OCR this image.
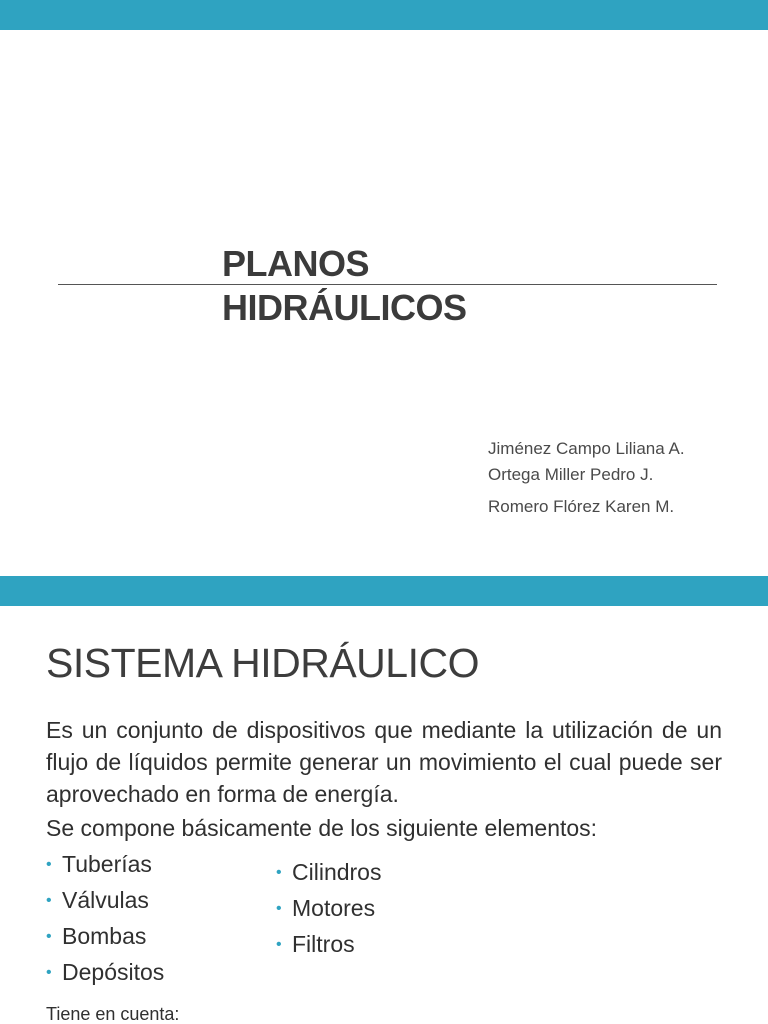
PLANOS
HIDRÁULICOS
Jiménez Campo Liliana A.
Ortega Miller Pedro J.
Romero Flórez Karen M.
SISTEMA HIDRÁULICO
Es un conjunto de dispositivos que mediante la utilización de un flujo de líquidos permite generar un movimiento el cual puede ser aprovechado en forma de energía.
Se compone básicamente de los siguiente elementos:
• Tuberías
• Válvulas
• Bombas
• Depósitos
• Cilindros
• Motores
• Filtros
Tiene en cuenta:
